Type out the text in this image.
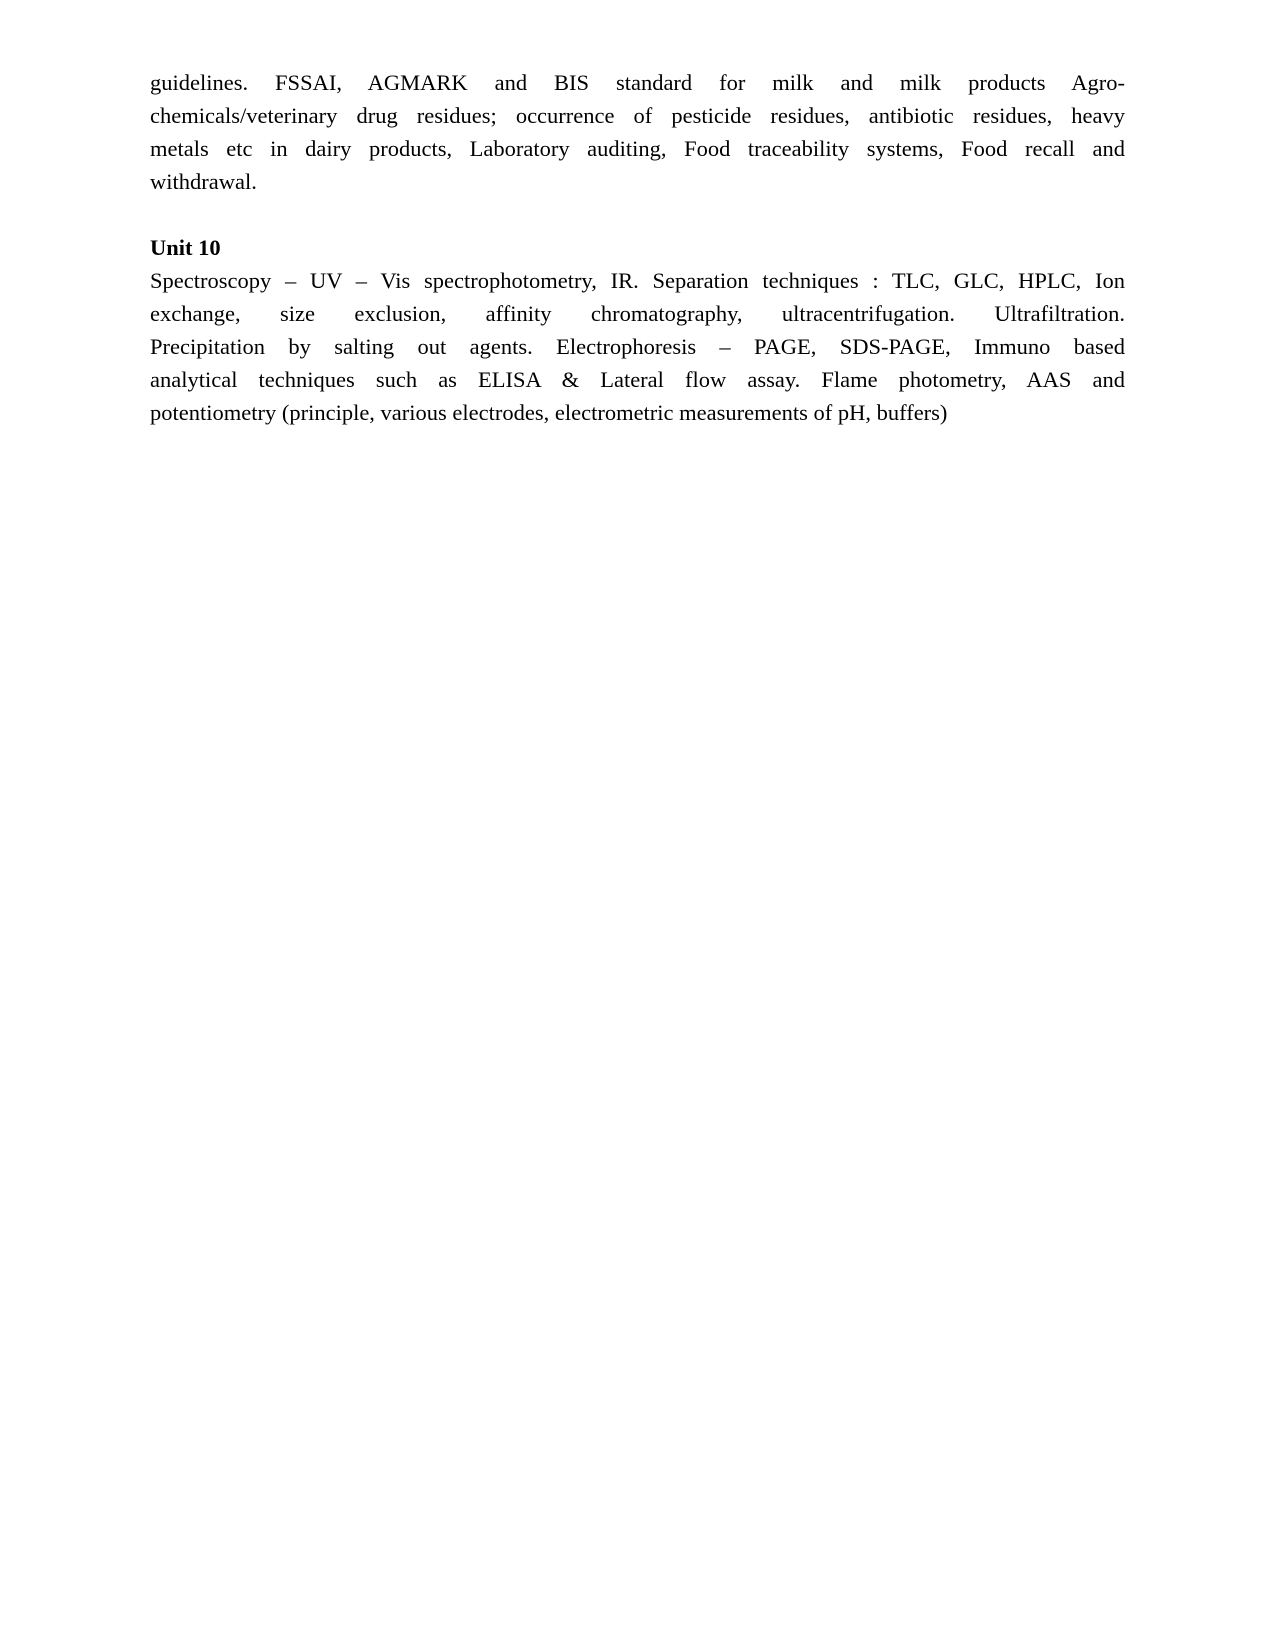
guidelines. FSSAI, AGMARK and BIS standard for milk and milk products Agro-
chemicals/veterinary drug residues; occurrence of pesticide residues, antibiotic residues, heavy
metals etc in dairy products, Laboratory auditing, Food traceability systems, Food recall and
withdrawal.

Unit 10

Spectroscopy – UV – Vis spectrophotometry, IR. Separation techniques : TLC, GLC, HPLC, Ion
exchange, size exclusion, affinity chromatography, ultracentrifugation. Ultrafiltration.
Precipitation by salting out agents. Electrophoresis – PAGE, SDS-PAGE, Immuno based
analytical techniques such as ELISA & Lateral flow assay. Flame photometry, AAS and
potentiometry (principle, various electrodes, electrometric measurements of pH, buffers)
